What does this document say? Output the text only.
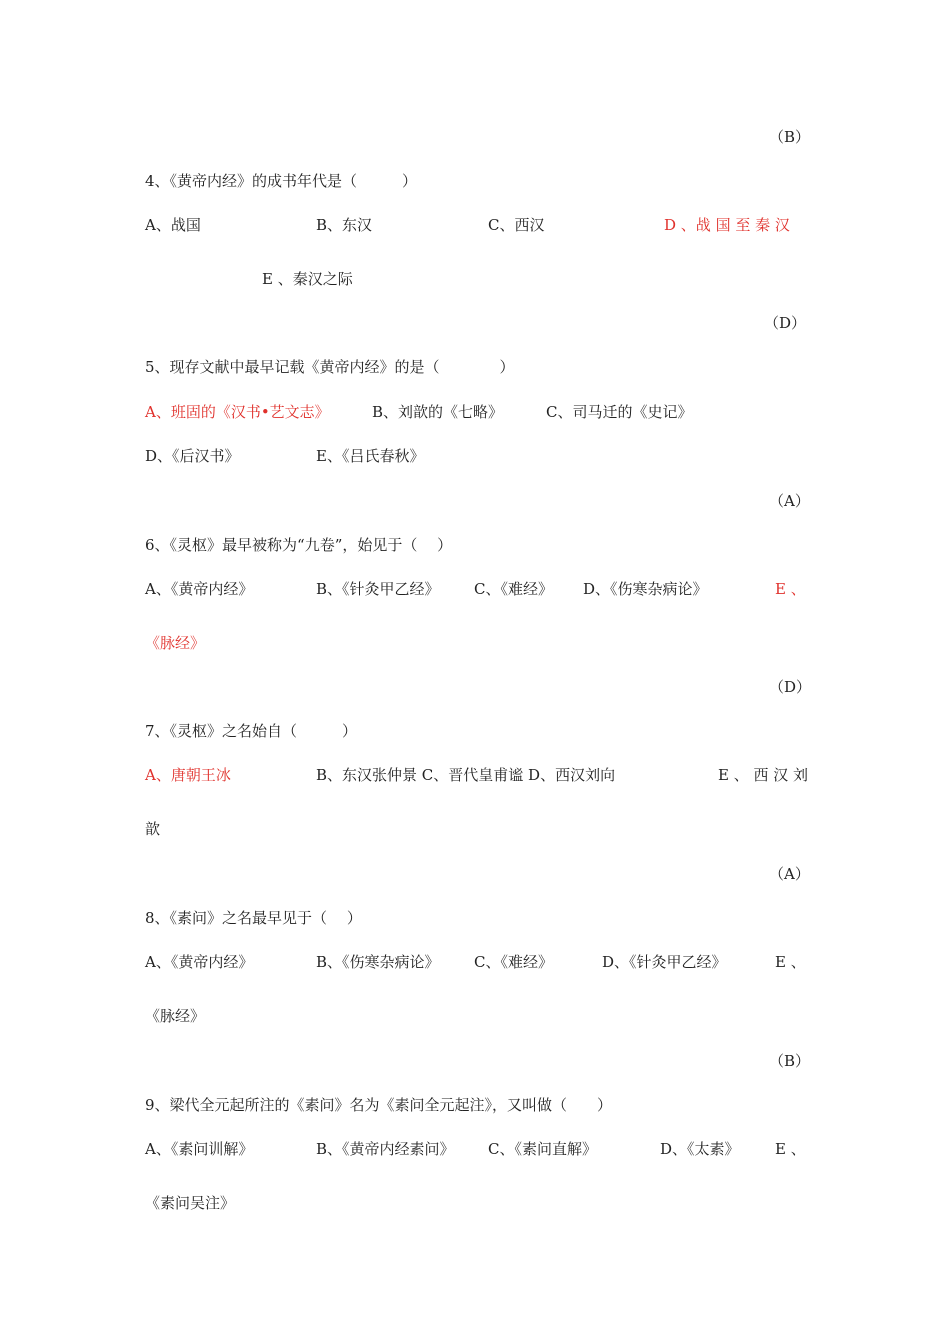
（B）
4、《黄帝内经》的成书年代是（　　　）
A、战国	B、东汉	C、西汉	D 、战 国 至 秦 汉
E 、秦汉之际
（D）
5、现存文献中最早记载《黄帝内经》的是（　　　　）
A、班固的《汉书•艺文志》	B、刘歆的《七略》	C、司马迁的《史记》
D、《后汉书》	E、《吕氏春秋》
（A）
6、《灵枢》最早被称为“九卷”，始见于（　 ）
A、《黄帝内经》	B、《针灸甲乙经》 C、《难经》 D、《伤寒杂病论》	E 、
《脉经》
（D）
7、《灵枢》之名始自（　　　）
A、唐朝王冰	B、东汉张仲景 C、晋代皇甫谧 D、西汉刘向	E 、 西 汉 刘
歆
（A）
8、《素问》之名最早见于（　 ）
A、《黄帝内经》	B、《伤寒杂病论》 C、《难经》	D、《针灸甲乙经》	E 、
《脉经》
（B）
9、梁代全元起所注的《素问》名为《素问全元起注》，又叫做（　　）
A、《素问训解》	B、《黄帝内经素问》 C、《素问直解》	D、《太素》 E 、
《素问吴注》
